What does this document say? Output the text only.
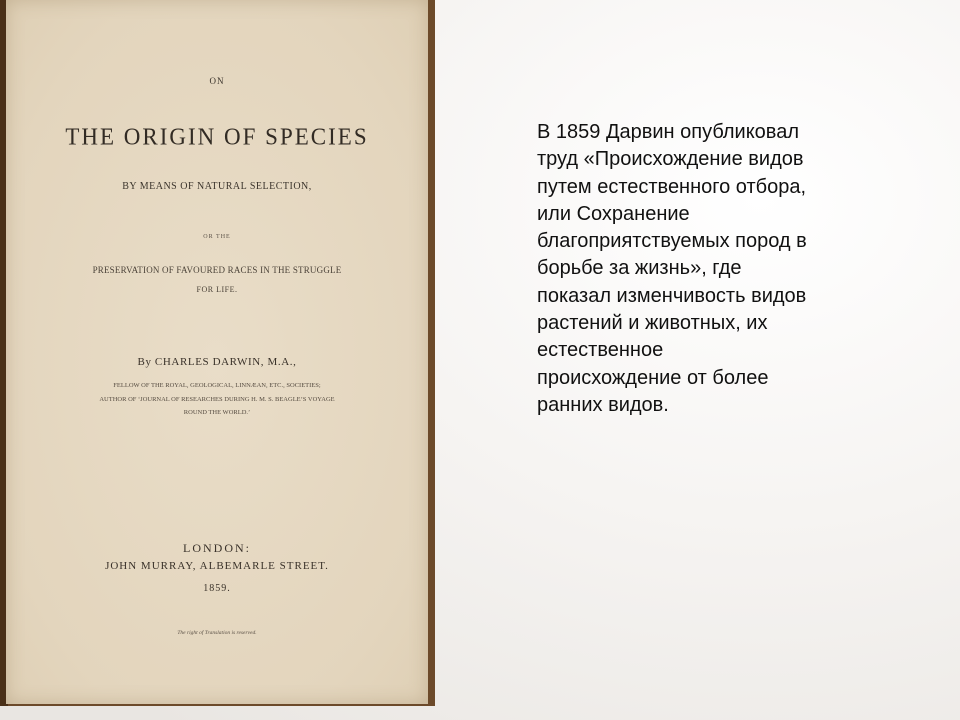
ON

THE ORIGIN OF SPECIES

BY MEANS OF NATURAL SELECTION,

OR THE

PRESERVATION OF FAVOURED RACES IN THE STRUGGLE

FOR LIFE.

By CHARLES DARWIN, M.A.,

FELLOW OF THE ROYAL, GEOLOGICAL, LINNÆAN, ETC., SOCIETIES;

AUTHOR OF ‘JOURNAL OF RESEARCHES DURING H. M. S. BEAGLE’S VOYAGE

ROUND THE WORLD.’

LONDON:

JOHN MURRAY, ALBEMARLE STREET.

1859.

The right of Translation is reserved.

В 1859 Дарвин опубликовал
труд «Происхождение видов
путем естественного отбора,
или Сохранение
благоприятствуемых пород в
борьбе за жизнь», где
показал изменчивость видов
растений и животных, их
естественное
происхождение от более
ранних видов.
